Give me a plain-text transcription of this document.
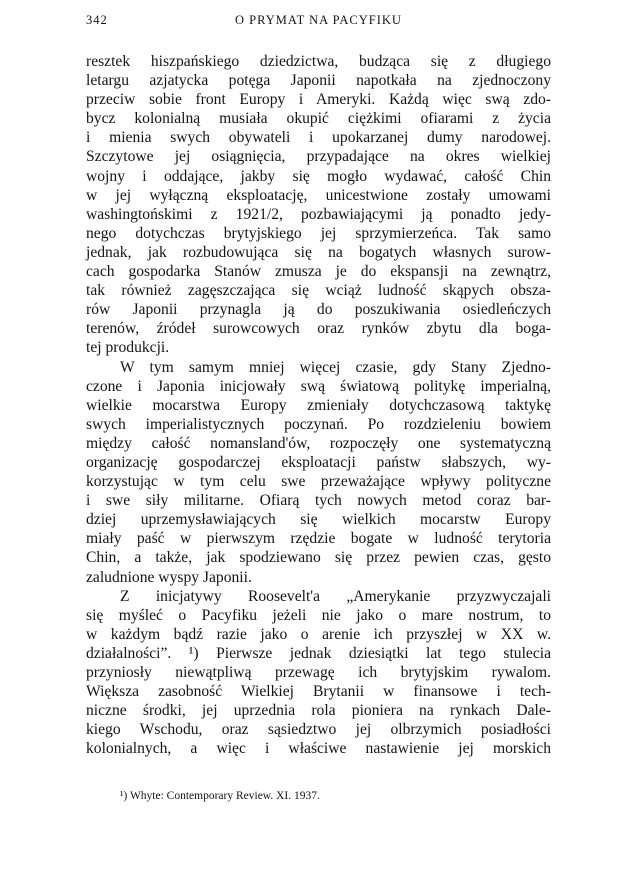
342	O PRYMAT NA PACYFIKU
resztek hiszpańskiego dziedzictwa, budząca się z długiego
letargu azjatycka potęga Japonii napotkała na zjednoczony
przeciw sobie front Europy i Ameryki. Każdą więc swą zdo-
bycz kolonialną musiała okupić ciężkimi ofiarami z życia
i mienia swych obywateli i upokarzanej dumy narodowej.
Szczytowe jej osiągnięcia, przypadające na okres wielkiej
wojny i oddające, jakby się mogło wydawać, całość Chin
w jej wyłączną eksploatację, unicestwione zostały umowami
washingtońskimi z 1921/2, pozbawiającymi ją ponadto jedy-
nego dotychczas brytyjskiego jej sprzymierzeńca. Tak samo
jednak, jak rozbudowująca się na bogatych własnych surow-
cach gospodarka Stanów zmusza je do ekspansji na zewnątrz,
tak również zagęszczająca się wciąż ludność skąpych obsza-
rów Japonii przynagla ją do poszukiwania osiedleńczych
terenów, źródeł surowcowych oraz rynków zbytu dla boga-
tej produkcji.
W tym samym mniej więcej czasie, gdy Stany Zjedno-
czone i Japonia inicjowały swą światową politykę imperialną,
wielkie mocarstwa Europy zmieniały dotychczasową taktykę
swych imperialistycznych poczynań. Po rozdzieleniu bowiem
między całość nomansland'ów, rozpoczęły one systematyczną
organizację gospodarczej eksploatacji państw słabszych, wy-
korzystując w tym celu swe przeważające wpływy polityczne
i swe siły militarne. Ofiarą tych nowych metod coraz bar-
dziej uprzemysławiających się wielkich mocarstw Europy
miały paść w pierwszym rzędzie bogate w ludność terytoria
Chin, a także, jak spodziewano się przez pewien czas, gęsto
zaludnione wyspy Japonii.
Z inicjatywy Roosevelt'a „Amerykanie przyzwyczajali
się myśleć o Pacyfiku jeżeli nie jako o mare nostrum, to
w każdym bądź razie jako o arenie ich przyszłej w XX w.
działalności”. ¹) Pierwsze jednak dziesiątki lat tego stulecia
przyniosły niewątpliwą przewagę ich brytyjskim rywalom.
Większa zasobność Wielkiej Brytanii w finansowe i tech-
niczne środki, jej uprzednia rola pioniera na rynkach Dale-
kiego Wschodu, oraz sąsiedztwo jej olbrzymich posiadłości
kolonialnych, a więc i właściwe nastawienie jej morskich
¹) Whyte: Contemporary Review. XI. 1937.
